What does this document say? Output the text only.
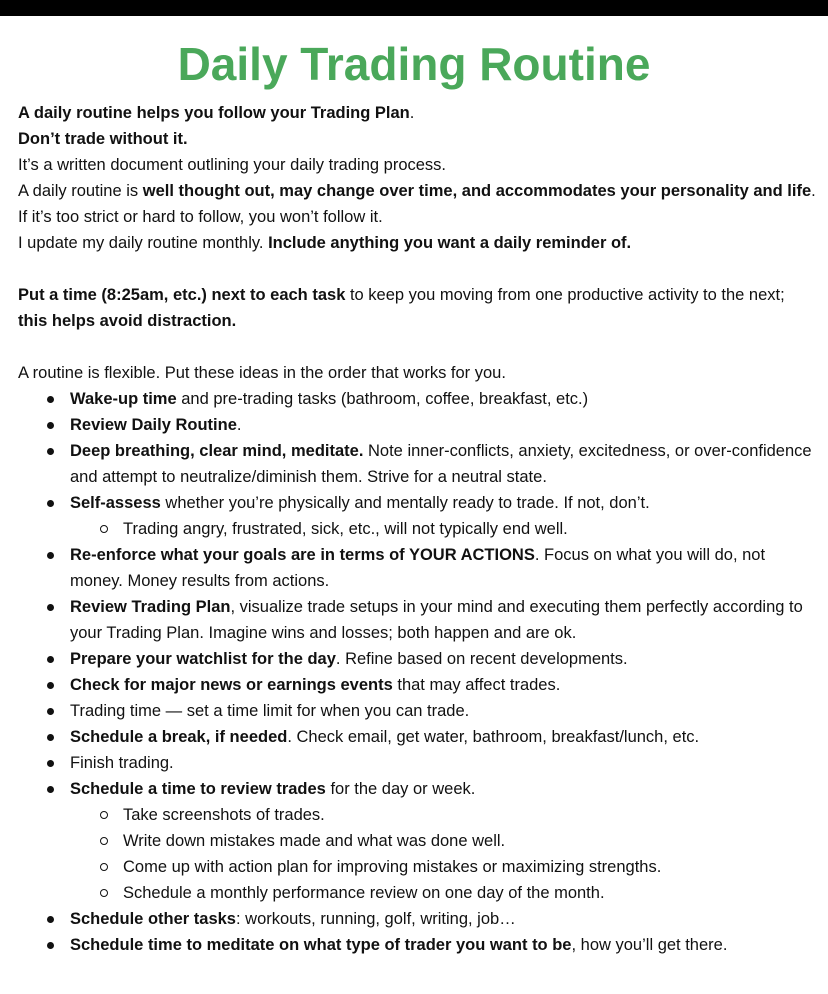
Daily Trading Routine

A daily routine helps you follow your Trading Plan.

Don’t trade without it.

It’s a written document outlining your daily trading process.

A daily routine is well thought out, may change over time, and accommodates your personality and life. If it’s too strict or hard to follow, you won’t follow it.

I update my daily routine monthly. Include anything you want a daily reminder of.

Put a time (8:25am, etc.) next to each task to keep you moving from one productive activity to the next; this helps avoid distraction.

A routine is flexible. Put these ideas in the order that works for you.

Wake-up time and pre-trading tasks (bathroom, coffee, breakfast, etc.)
Review Daily Routine.
Deep breathing, clear mind, meditate. Note inner-conflicts, anxiety, excitedness, or over-confidence and attempt to neutralize/diminish them. Strive for a neutral state.
Self-assess whether you’re physically and mentally ready to trade. If not, don’t.
Trading angry, frustrated, sick, etc., will not typically end well.
Re-enforce what your goals are in terms of YOUR ACTIONS. Focus on what you will do, not money. Money results from actions.
Review Trading Plan, visualize trade setups in your mind and executing them perfectly according to your Trading Plan. Imagine wins and losses; both happen and are ok.
Prepare your watchlist for the day. Refine based on recent developments.
Check for major news or earnings events that may affect trades.
Trading time — set a time limit for when you can trade.
Schedule a break, if needed. Check email, get water, bathroom, breakfast/lunch, etc.
Finish trading.
Schedule a time to review trades for the day or week.
Take screenshots of trades.
Write down mistakes made and what was done well.
Come up with action plan for improving mistakes or maximizing strengths.
Schedule a monthly performance review on one day of the month.
Schedule other tasks: workouts, running, golf, writing, job…
Schedule time to meditate on what type of trader you want to be, how you’ll get there.
